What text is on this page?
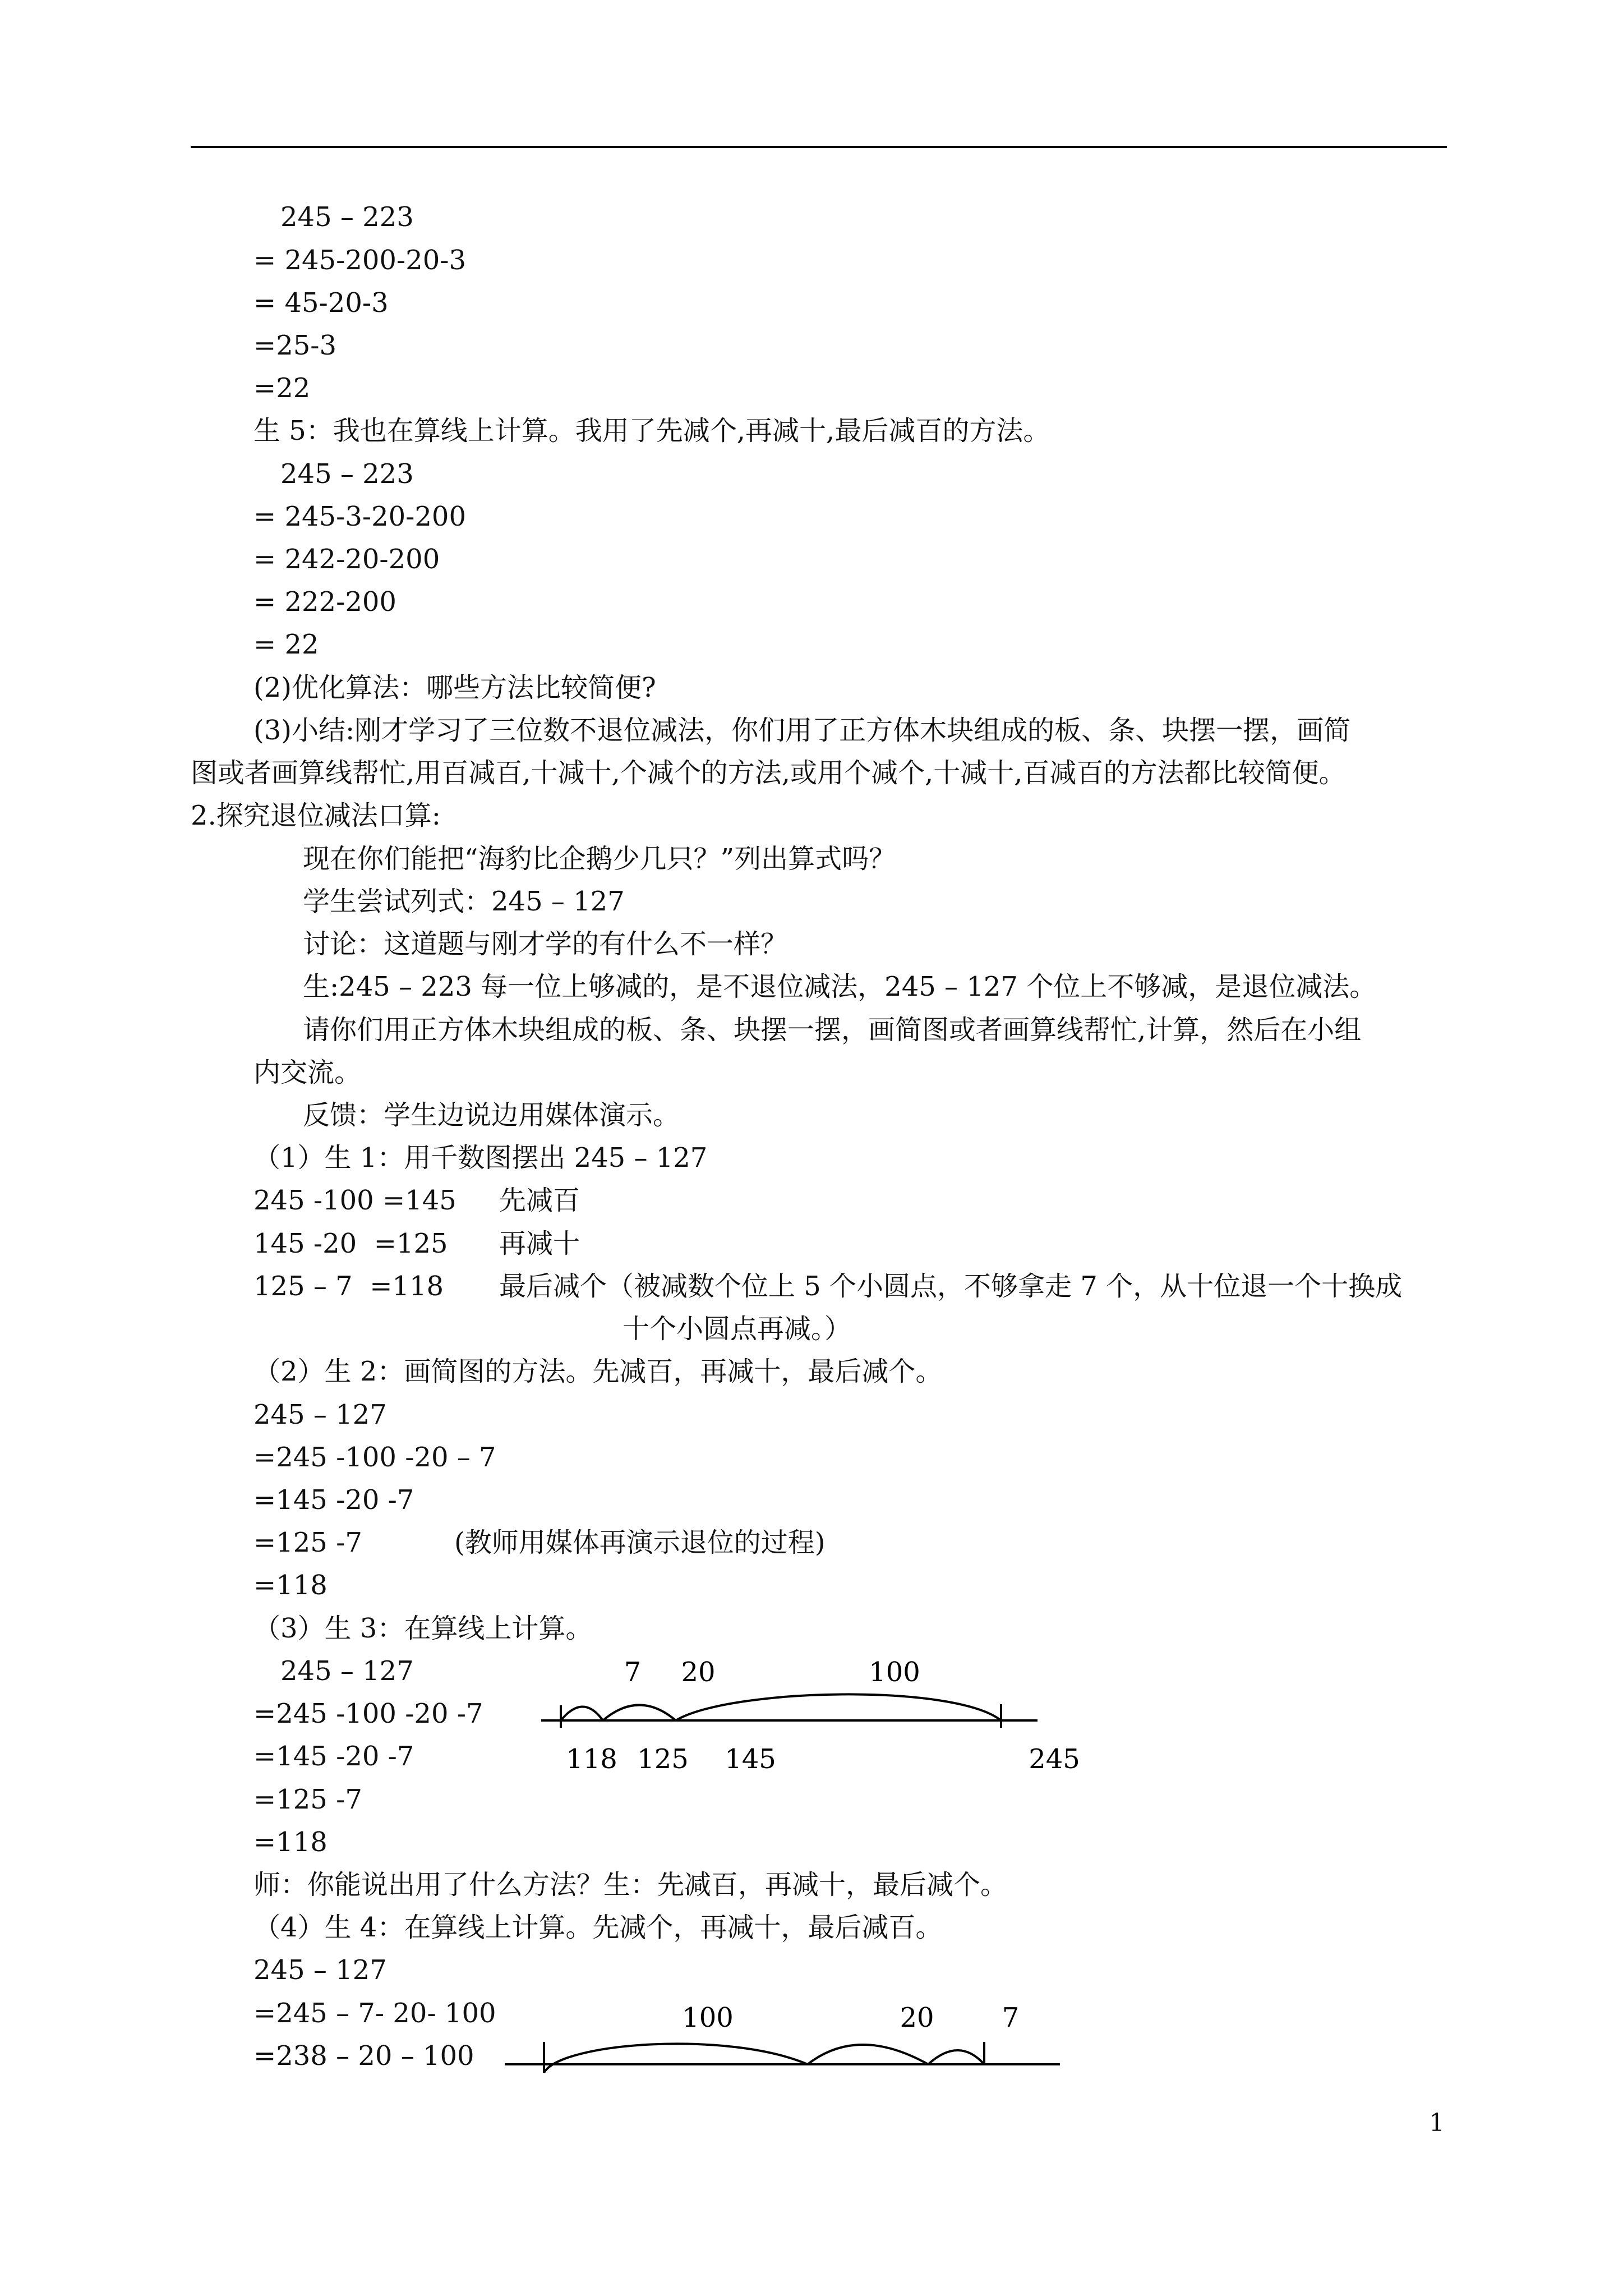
245 – 223
= 245-200-20-3
= 45-20-3
=25-3
=22
生 5：我也在算线上计算。我用了先减个,再减十,最后减百的方法。
245 – 223
= 245-3-20-200
= 242-20-200
= 222-200
= 22
(2)优化算法：哪些方法比较简便?
(3)小结:刚才学习了三位数不退位减法，你们用了正方体木块组成的板、条、块摆一摆，画简
图或者画算线帮忙,用百减百,十减十,个减个的方法,或用个减个,十减十,百减百的方法都比较简便。
2.探究退位减法口算:
现在你们能把“海豹比企鹅少几只？”列出算式吗？
学生尝试列式：245 – 127
讨论：这道题与刚才学的有什么不一样？
生:245 – 223 每一位上够减的，是不退位减法，245 – 127 个位上不够减，是退位减法。
请你们用正方体木块组成的板、条、块摆一摆，画简图或者画算线帮忙,计算，然后在小组
内交流。
反馈：学生边说边用媒体演示。
（1）生 1：用千数图摆出 245 – 127
245 -100 =145 先减百
145 -20  =125 再减十
125 – 7  =118 最后减个（被减数个位上 5 个小圆点，不够拿走 7 个，从十位退一个十换成
十个小圆点再减。）
（2）生 2：画简图的方法。先减百，再减十，最后减个。
245 – 127
=245 -100 -20 – 7
=145 -20 -7
=125 -7	(教师用媒体再演示退位的过程)
=118
（3）生 3：在算线上计算。
245 – 127
=245 -100 -20 -7
=145 -20 -7
=125 -7
=118
师：你能说出用了什么方法？生：先减百，再减十，最后减个。
（4）生 4：在算线上计算。先减个，再减十，最后减百。
245 – 127
=245 – 7- 20- 100
=238 – 20 – 100
7 20	100
118 125 145	245
100	20	7
1
